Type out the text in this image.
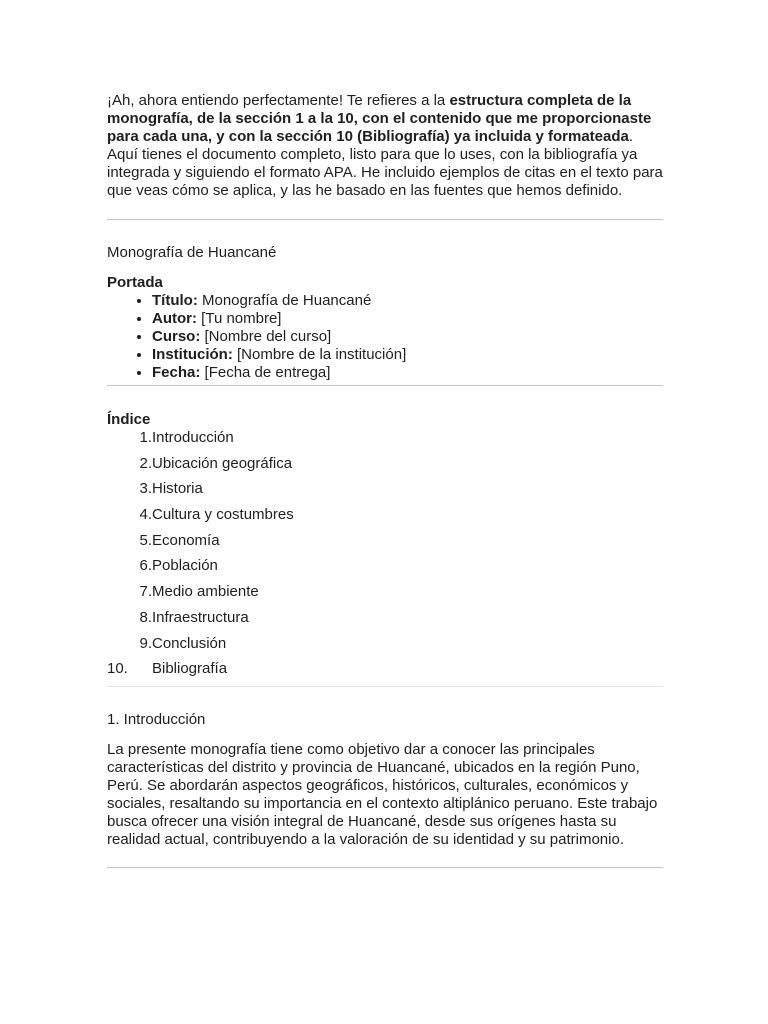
¡Ah, ahora entiendo perfectamente! Te refieres a la estructura completa de la monografía, de la sección 1 a la 10, con el contenido que me proporcionaste para cada una, y con la sección 10 (Bibliografía) ya incluida y formateada. Aquí tienes el documento completo, listo para que lo uses, con la bibliografía ya integrada y siguiendo el formato APA. He incluido ejemplos de citas en el texto para que veas cómo se aplica, y las he basado en las fuentes que hemos definido.

Monografía de Huancané

Portada

• Título: Monografía de Huancané
• Autor: [Tu nombre]
• Curso: [Nombre del curso]
• Institución: [Nombre de la institución]
• Fecha: [Fecha de entrega]

Índice

1. Introducción
2. Ubicación geográfica
3. Historia
4. Cultura y costumbres
5. Economía
6. Población
7. Medio ambiente
8. Infraestructura
9. Conclusión
10.	Bibliografía

1. Introducción

La presente monografía tiene como objetivo dar a conocer las principales características del distrito y provincia de Huancané, ubicados en la región Puno, Perú. Se abordarán aspectos geográficos, históricos, culturales, económicos y sociales, resaltando su importancia en el contexto altiplánico peruano. Este trabajo busca ofrecer una visión integral de Huancané, desde sus orígenes hasta su realidad actual, contribuyendo a la valoración de su identidad y su patrimonio.
